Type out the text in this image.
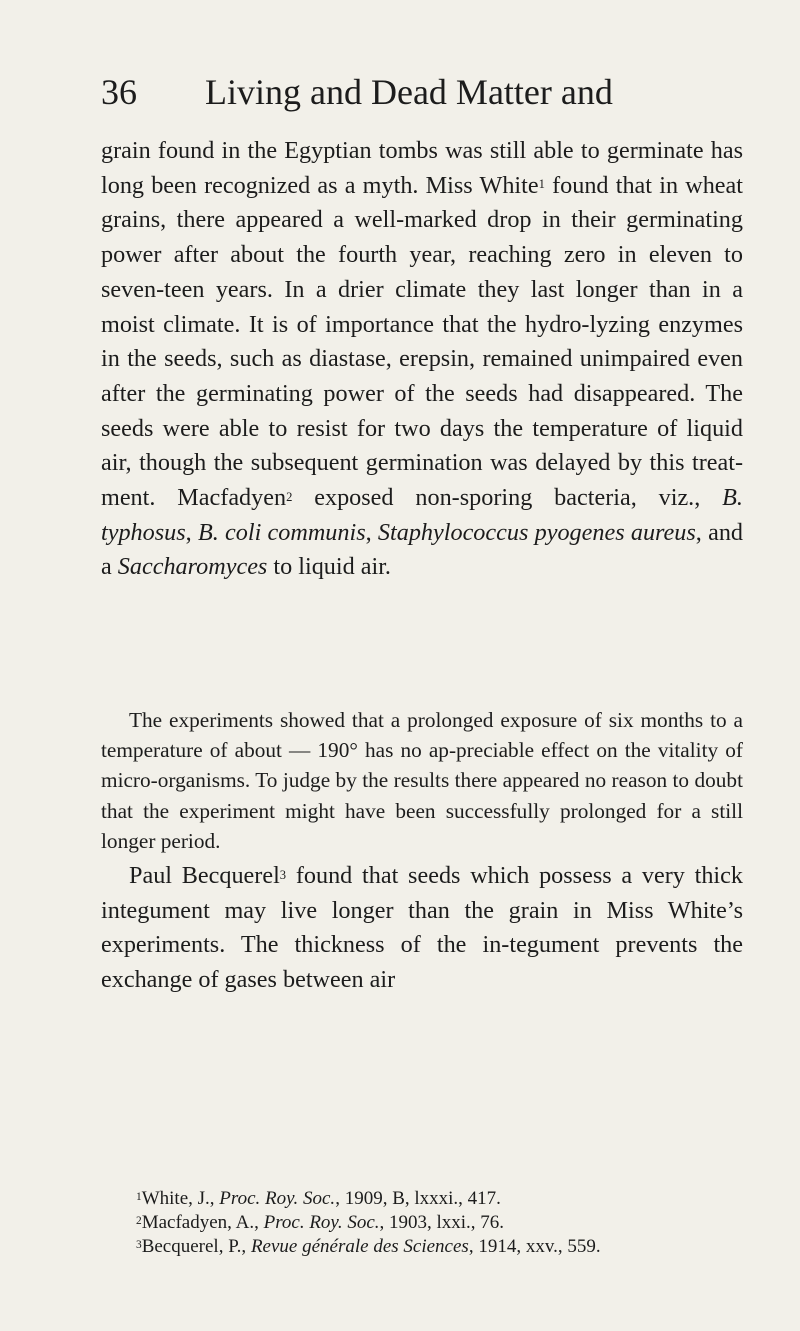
36 Living and Dead Matter and
grain found in the Egyptian tombs was still able to germinate has long been recognized as a myth. Miss White$^1$ found that in wheat grains, there appeared a well-marked drop in their germinating power after about the fourth year, reaching zero in eleven to seven-teen years. In a drier climate they last longer than in a moist climate. It is of importance that the hydro-lyzing enzymes in the seeds, such as diastase, erepsin, remained unimpaired even after the germinating power of the seeds had disappeared. The seeds were able to resist for two days the temperature of liquid air, though the subsequent germination was delayed by this treat-ment. Macfadyen$^2$ exposed non-sporing bacteria, viz., B. typhosus, B. coli communis, Staphylococcus pyogenes aureus, and a Saccharomyces to liquid air.
The experiments showed that a prolonged exposure of six months to a temperature of about — 190° has no ap-preciable effect on the vitality of micro-organisms. To judge by the results there appeared no reason to doubt that the experiment might have been successfully prolonged for a still longer period.
Paul Becquerel$^3$ found that seeds which possess a very thick integument may live longer than the grain in Miss White’s experiments. The thickness of the in-tegument prevents the exchange of gases between air
$^1$White, J., Proc. Roy. Soc., 1909, B, lxxxi., 417.
$^2$Macfadyen, A., Proc. Roy. Soc., 1903, lxxi., 76.
$^3$Becquerel, P., Revue générale des Sciences, 1914, xxv., 559.
